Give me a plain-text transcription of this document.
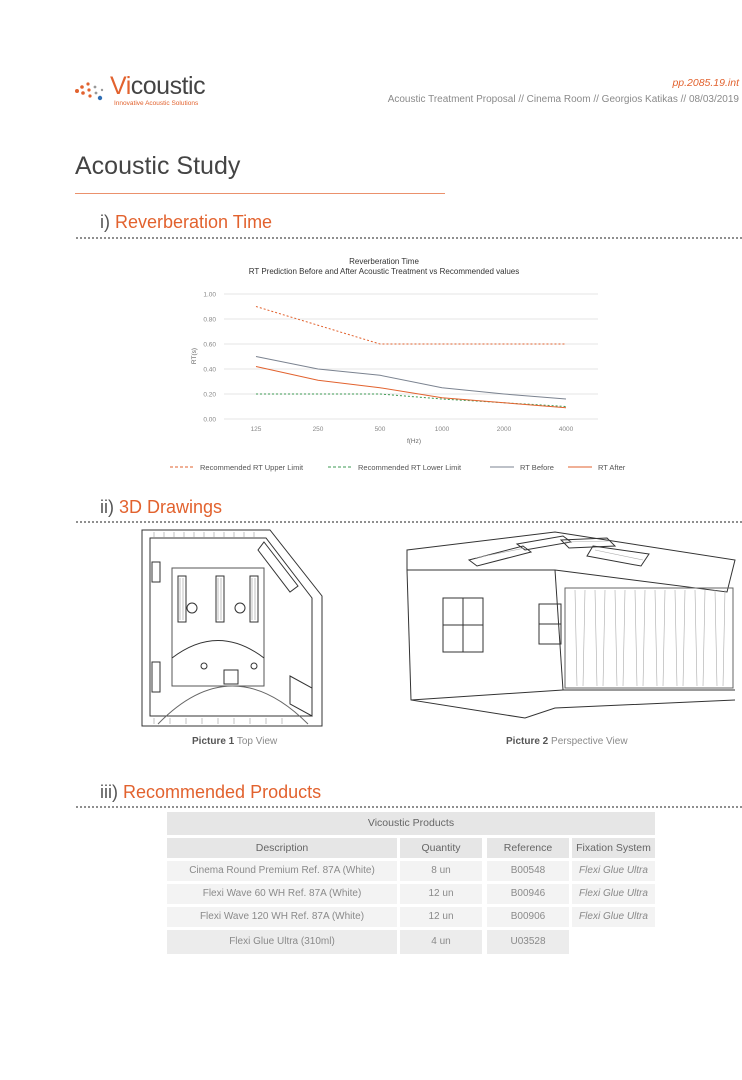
Vicoustic
Innovative Acoustic Solutions
pp.2085.19.int
Acoustic Treatment Proposal // Cinema Room // Georgios Katikas // 08/03/2019
Acoustic Study
i) Reverberation Time
Reverberation Time
RT Prediction Before and After Acoustic Treatment vs Recommended values
0.00
0.20
0.40
0.60
0.80
1.00
125	250	500	1000	2000	4000
f(Hz)
RT(s)
Recommended RT Upper Limit	Recommended RT Lower Limit	RT Before	RT After
ii) 3D Drawings
Picture 1 Top View	Picture 2 Perspective View
iii) Recommended Products
Vicoustic Products
Description	Quantity	Reference	Fixation System
Cinema Round Premium Ref. 87A (White)	8 un	B00548	Flexi Glue Ultra
Flexi Wave 60 WH Ref. 87A (White)	12 un	B00946	Flexi Glue Ultra
Flexi Wave 120 WH Ref. 87A (White)	12 un	B00906	Flexi Glue Ultra
Flexi Glue Ultra (310ml)	4 un	U03528
